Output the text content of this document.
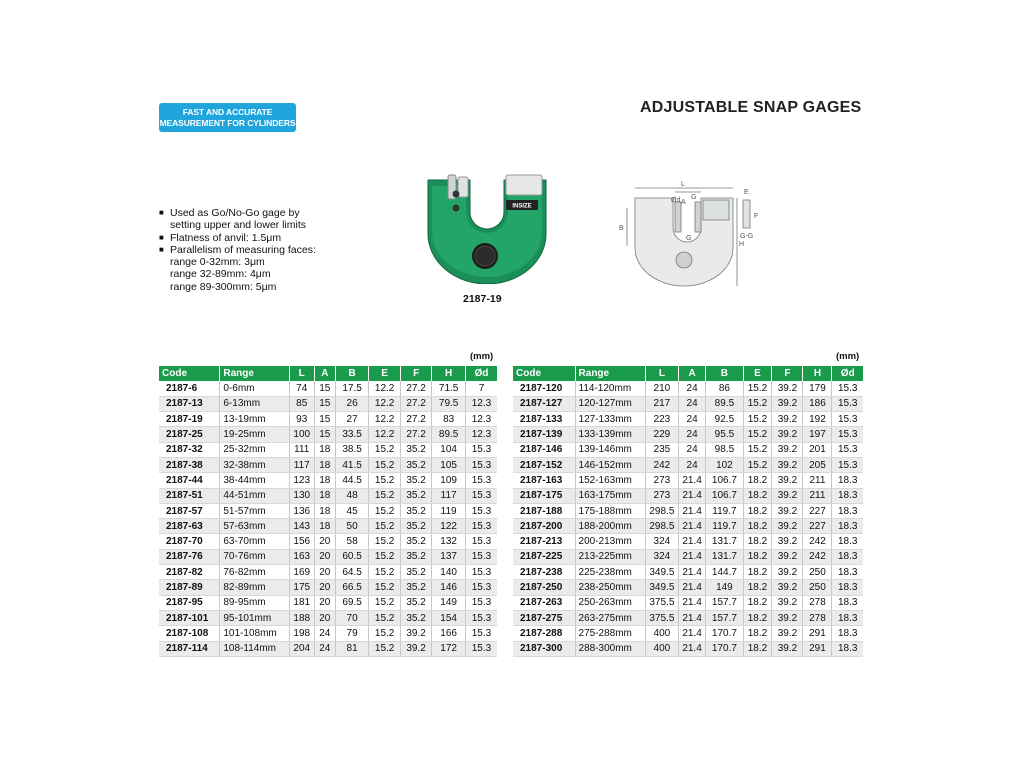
FAST AND ACCURATE
MEASUREMENT FOR CYLINDERS
ADJUSTABLE SNAP GAGES
■ Used as Go/No-Go gage by
setting upper and lower limits
■ Flatness of anvil: 1.5μm
■ Parallelism of measuring faces:
range 0-32mm: 3μm
range 32-89mm: 4μm
range 89-300mm: 5μm
INSIZE
2187-19
L
B
H
Ød G
G
A
E
F
G-G
(mm)	(mm)
Code	Range	L	A	B	E	F	H	Ød
2187-6	0-6mm	74	15	17.5	12.2	27.2	71.5	7
2187-13	6-13mm	85	15	26	12.2	27.2	79.5	12.3
2187-19	13-19mm	93	15	27	12.2	27.2	83	12.3
2187-25	19-25mm	100	15	33.5	12.2	27.2	89.5	12.3
2187-32	25-32mm	111	18	38.5	15.2	35.2	104	15.3
2187-38	32-38mm	117	18	41.5	15.2	35.2	105	15.3
2187-44	38-44mm	123	18	44.5	15.2	35.2	109	15.3
2187-51	44-51mm	130	18	48	15.2	35.2	117	15.3
2187-57	51-57mm	136	18	45	15.2	35.2	119	15.3
2187-63	57-63mm	143	18	50	15.2	35.2	122	15.3
2187-70	63-70mm	156	20	58	15.2	35.2	132	15.3
2187-76	70-76mm	163	20	60.5	15.2	35.2	137	15.3
2187-82	76-82mm	169	20	64.5	15.2	35.2	140	15.3
2187-89	82-89mm	175	20	66.5	15.2	35.2	146	15.3
2187-95	89-95mm	181	20	69.5	15.2	35.2	149	15.3
2187-101	95-101mm	188	20	70	15.2	35.2	154	15.3
2187-108	101-108mm	198	24	79	15.2	39.2	166	15.3
2187-114	108-114mm	204	24	81	15.2	39.2	172	15.3
Code	Range	L	A	B	E	F	H	Ød
2187-120	114-120mm	210	24	86	15.2	39.2	179	15.3
2187-127	120-127mm	217	24	89.5	15.2	39.2	186	15.3
2187-133	127-133mm	223	24	92.5	15.2	39.2	192	15.3
2187-139	133-139mm	229	24	95.5	15.2	39.2	197	15.3
2187-146	139-146mm	235	24	98.5	15.2	39.2	201	15.3
2187-152	146-152mm	242	24	102	15.2	39.2	205	15.3
2187-163	152-163mm	273	21.4	106.7	18.2	39.2	211	18.3
2187-175	163-175mm	273	21.4	106.7	18.2	39.2	211	18.3
2187-188	175-188mm	298.5	21.4	119.7	18.2	39.2	227	18.3
2187-200	188-200mm	298.5	21.4	119.7	18.2	39.2	227	18.3
2187-213	200-213mm	324	21.4	131.7	18.2	39.2	242	18.3
2187-225	213-225mm	324	21.4	131.7	18.2	39.2	242	18.3
2187-238	225-238mm	349.5	21.4	144.7	18.2	39.2	250	18.3
2187-250	238-250mm	349.5	21.4	149	18.2	39.2	250	18.3
2187-263	250-263mm	375.5	21.4	157.7	18.2	39.2	278	18.3
2187-275	263-275mm	375.5	21.4	157.7	18.2	39.2	278	18.3
2187-288	275-288mm	400	21.4	170.7	18.2	39.2	291	18.3
2187-300	288-300mm	400	21.4	170.7	18.2	39.2	291	18.3
